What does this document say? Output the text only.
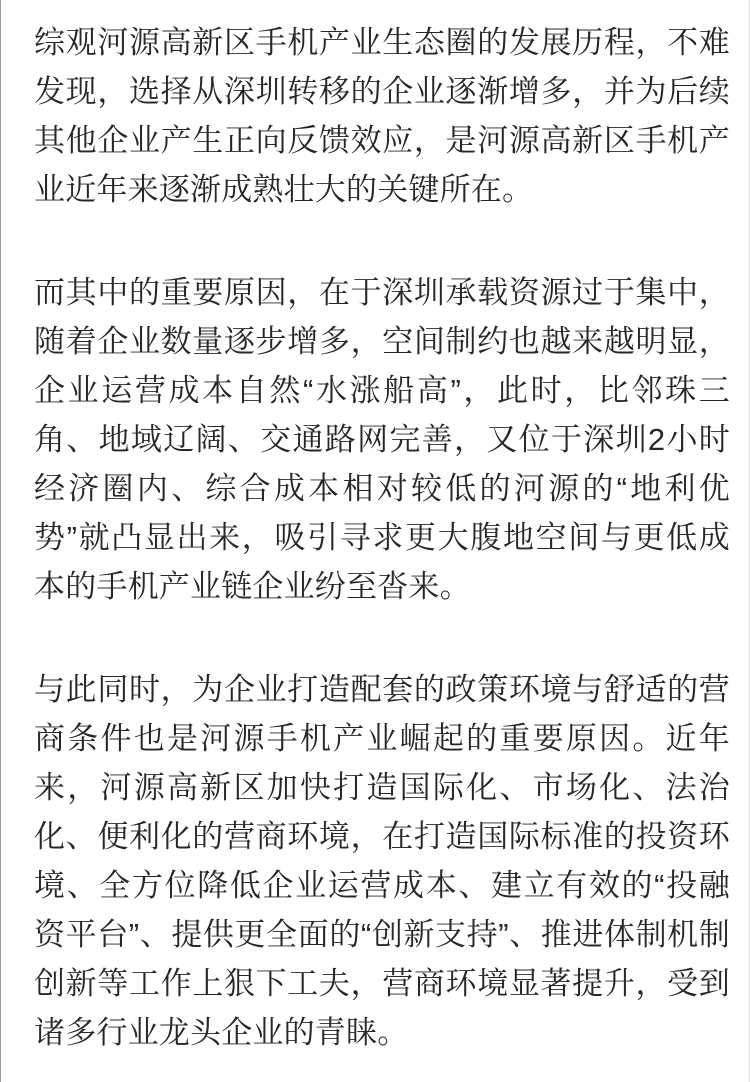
综观河源高新区手机产业生态圈的发展历程，不难发现，选择从深圳转移的企业逐渐增多，并为后续其他企业产生正向反馈效应，是河源高新区手机产业近年来逐渐成熟壮大的关键所在。

而其中的重要原因，在于深圳承载资源过于集中，随着企业数量逐步增多，空间制约也越来越明显，企业运营成本自然“水涨船高”，此时，比邻珠三角、地域辽阔、交通路网完善，又位于深圳2小时经济圈内、综合成本相对较低的河源的“地利优势”就凸显出来，吸引寻求更大腹地空间与更低成本的手机产业链企业纷至沓来。

与此同时，为企业打造配套的政策环境与舒适的营商条件也是河源手机产业崛起的重要原因。近年来，河源高新区加快打造国际化、市场化、法治化、便利化的营商环境，在打造国际标准的投资环境、全方位降低企业运营成本、建立有效的“投融资平台”、提供更全面的“创新支持”、推进体制机制创新等工作上狠下工夫，营商环境显著提升，受到诸多行业龙头企业的青睐。
